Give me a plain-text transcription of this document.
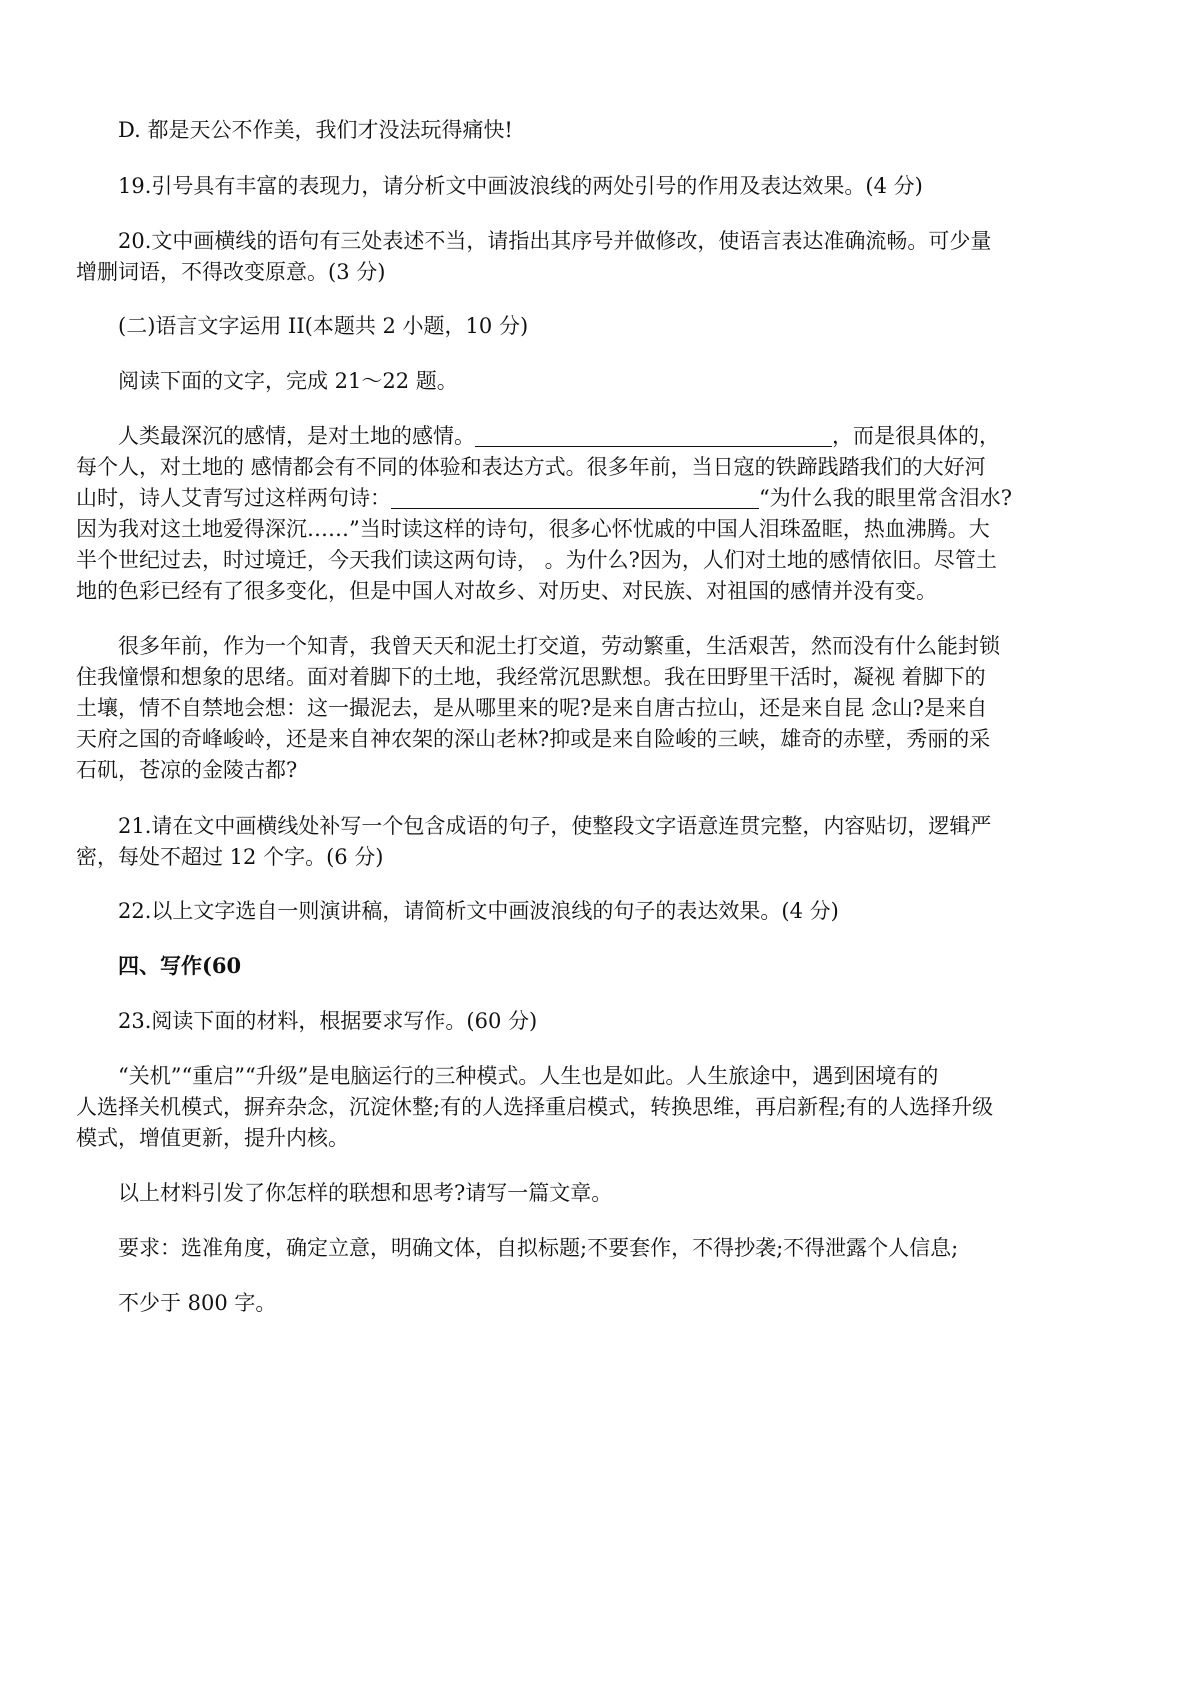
D. 都是天公不作美，我们才没法玩得痛快!
19.引号具有丰富的表现力，请分析文中画波浪线的两处引号的作用及表达效果。(4 分)
20.文中画横线的语句有三处表述不当，请指出其序号并做修改，使语言表达准确流畅。可少量
增删词语，不得改变原意。(3 分)
(二)语言文字运用 II(本题共 2 小题，10 分)
阅读下面的文字，完成 21～22 题。
人类最深沉的感情，是对土地的感情。	，而是很具体的，
每个人，对土地的 感情都会有不同的体验和表达方式。很多年前，当日寇的铁蹄践踏我们的大好河
山时，诗人艾青写过这样两句诗：	“为什么我的眼里常含泪水?
因为我对这土地爱得深沉……”当时读这样的诗句，很多心怀忧戚的中国人泪珠盈眶，热血沸腾。大
半个世纪过去，时过境迁，今天我们读这两句诗， 。为什么?因为，人们对土地的感情依旧。尽管土
地的色彩已经有了很多变化，但是中国人对故乡、对历史、对民族、对祖国的感情并没有变。
很多年前，作为一个知青，我曾天天和泥土打交道，劳动繁重，生活艰苦，然而没有什么能封锁
住我憧憬和想象的思绪。面对着脚下的土地，我经常沉思默想。我在田野里干活时，凝视 着脚下的
土壤，情不自禁地会想：这一撮泥去，是从哪里来的呢?是来自唐古拉山，还是来自昆 念山?是来自
天府之国的奇峰峻岭，还是来自神农架的深山老林?抑或是来自险峻的三峡，雄奇的赤壁，秀丽的采
石矶，苍凉的金陵古都?
21.请在文中画横线处补写一个包含成语的句子，使整段文字语意连贯完整，内容贴切，逻辑严
密，每处不超过 12 个字。(6 分)
22.以上文字选自一则演讲稿，请简析文中画波浪线的句子的表达效果。(4 分)
四、写作(60
23.阅读下面的材料，根据要求写作。(60 分)
“关机”“重启”“升级”是电脑运行的三种模式。人生也是如此。人生旅途中，遇到困境有的
人选择关机模式，摒弃杂念，沉淀休整;有的人选择重启模式，转换思维，再启新程;有的人选择升级
模式，增值更新，提升内核。
以上材料引发了你怎样的联想和思考?请写一篇文章。
要求：选准角度，确定立意，明确文体，自拟标题;不要套作，不得抄袭;不得泄露个人信息;
不少于 800 字。
